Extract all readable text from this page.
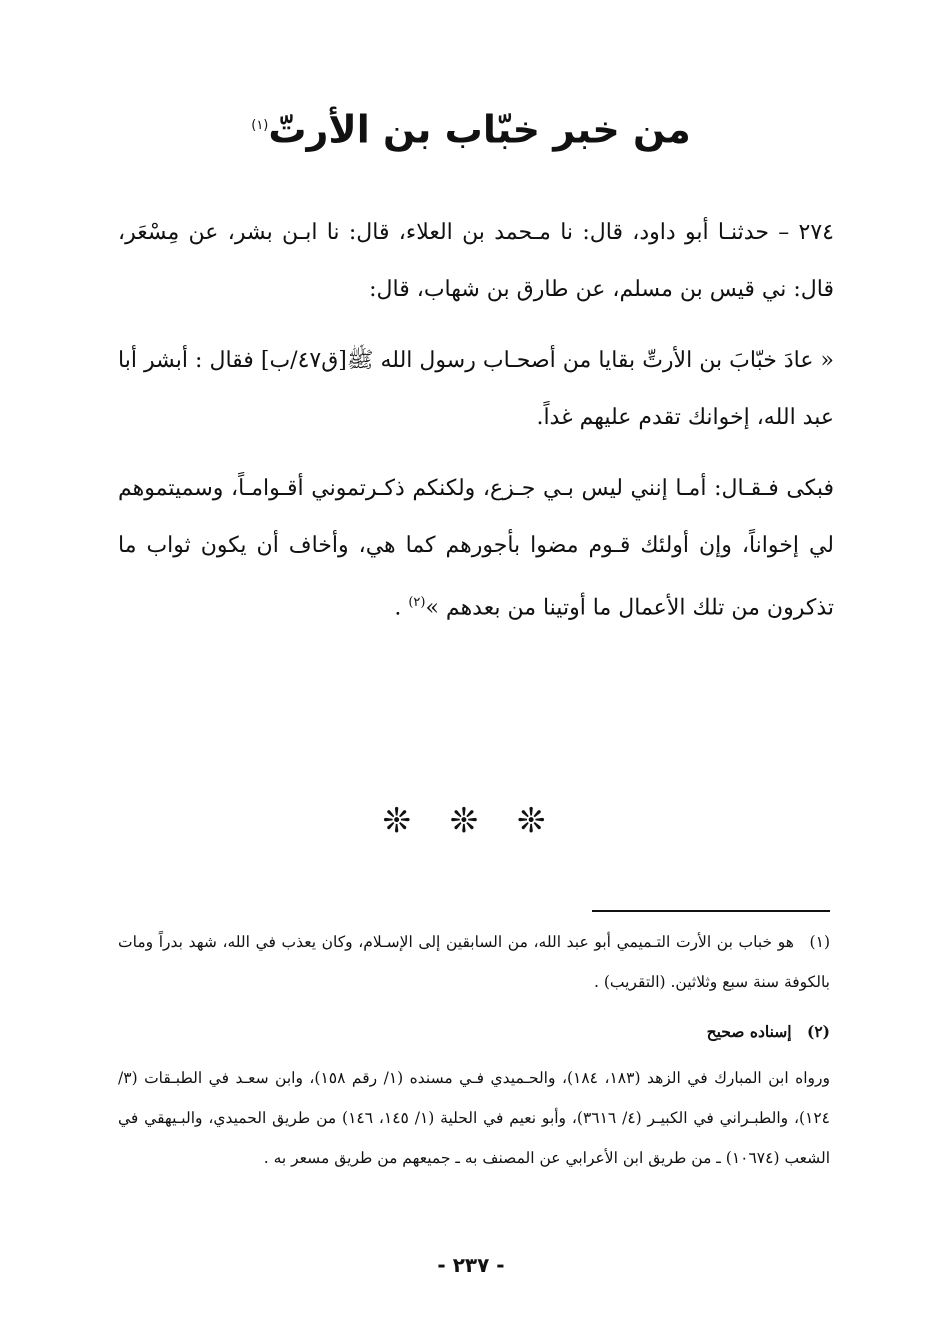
من خبر خبّاب بن الأرتّ$^{(١)}$

٢٧٤ – حدثنـا أبو داود، قال: نا مـحمد بن العلاء، قال: نا ابـن بشر، عن مِسْعَر، قال: ني قيس بن مسلم، عن طارق بن شهاب، قال:

« عادَ خبّابَ بن الأرتِّ بقايا من أصحـاب رسول الله ﷺ[ق٤٧/ب] فقال : أبشر أبا عبد الله، إخوانك تقدم عليهم غداً.

فبكى فـقـال: أمـا إنني ليس بـي جـزع، ولكنكم ذكـرتموني أقـوامـاً، وسميتموهم لي إخواناً، وإن أولئك قـوم مضوا بأجورهم كما هي، وأخاف أن يكون ثواب ما تذكرون من تلك الأعمال ما أوتينا من بعدهم »$^{(٢)}$ .

❊ ❊ ❊

(١) هو خباب بن الأرت التـميمي أبو عبد الله، من السابقين إلى الإسـلام، وكان يعذب في الله، شهد بدراً ومات بالكوفة سنة سبع وثلاثين. (التقريب) .

(٢) إسناده صحيح

ورواه ابن المبارك في الزهد (١٨٣، ١٨٤)، والحـميدي فـي مسنده (١/ رقم ١٥٨)، وابن سعـد في الطبـقات (٣/ ١٢٤)، والطبـراني في الكبيـر (٤/ ٣٦١٦)، وأبو نعيم في الحلية (١/ ١٤٥، ١٤٦) من طريق الحميدي، والبـيهقي في الشعب (١٠٦٧٤) ـ من طريق ابن الأعرابي عن المصنف به ـ جميعهم من طريق مسعر به .

- ٢٣٧ -
